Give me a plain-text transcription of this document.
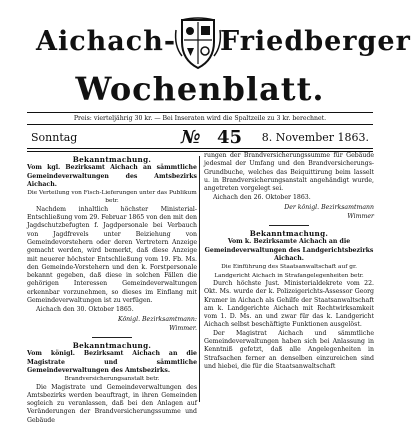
Aichach- Friedberger
Wochenblatt.
Preis: vierteljährig 30 kr. — Bei Inseraten wird die Spaltzeile zu 3 kr. berechnet.
Sonntag	№ 45 8. November 1863.
Bekanntmachung.

Vom kgl. Bezirksamt Aichach an sämmtliche Gemeindeverwaltungen des Amtsbezirks Aichach.

Die Verteilung von Fisch-Lieferungen unter das Publikum betr.

Nachdem inhaltlich höchster Ministerial-Entschließung vom 29. Februar 1865 von den mit den Jagdschutzbefugten f. Jagdpersonale bei Verbauch von Jagdfrevels unter Beiziehung von Gemeindevorstehern oder deren Vertretern Anzeige gemacht werden, wird bemerkt, daß diese Anzeige mit neuerer höchster Entschließung vom 19. Fb. Ms. den Gemeinde-Vorstehern und den k. Forstpersonale bekannt gegeben, daß diese in solchen Fällen die gehörigen Interessen Gemeindeverwaltungen erkennbar vorzunehmen, so dieses im Einflang mit Gemeindeverwaltungen ist zu verfügen.

Aichach den 30. Oktober 1865.
Königl. Bezirksamtmann:
Wimmer.
Bekanntmachung.

Vom königl. Bezirksamt Aichach an die Magistrate und sämmtliche Gemeindeverwaltungen des Amtsbezirks.

Brandversicherungsanstalt betr.

Die Magistrate und Gemeindeverwaltungen des Amtsbezirks werden beauftragt, in ihren Gemeinden sogleich zu veranlassen, daß bei den Anlagen auf Veränderungen der Brandversicherungssumme und Gebäude

rungen der Brandversicherungssumme für Gebäude jedesmal der Umfang und den Brandversicherungs-Grundbuche, welches das Beiquittirung beim lasselt u. in Brandversicherungsanstalt angehändigt wurde, angetreten vorgelegt sei.

Aichach den 26. Oktober 1863.
Der königl. Bezirksamtmann
Wimmer
Bekanntmachung.

Vom k. Bezirksamte Aichach an die Gemeindeverwaltungen des Landgerichtsbezirks Aichach.

Die Einführung des Staatsanwaltschaft auf gr. Landgericht Aichach in Strafangelegenheiten betr.

Durch höchste Just. Ministerialdekrete vom 22. Okt. Ms. wurde der k. Polizeigerichts-Assessor Georg Kramer in Aichach als Gehilfe der Staatsanwaltschaft am k. Landgerichte Aichach mit Rechtwirksamkeit vom 1. D. Ms. an und zwar für das k. Landgericht Aichach selbst beschäftigte Funktionen ausgelöst.

Der Magistrat Aichach und sämmtliche Gemeindeverwaltungen haben sich bei Anlassung in Kenntniß gefetzt, daß alle Angelegenheiten in Strafsachen ferner an denselben einzureichen sind und hiebei, die für die Staatsanwaltschaft
